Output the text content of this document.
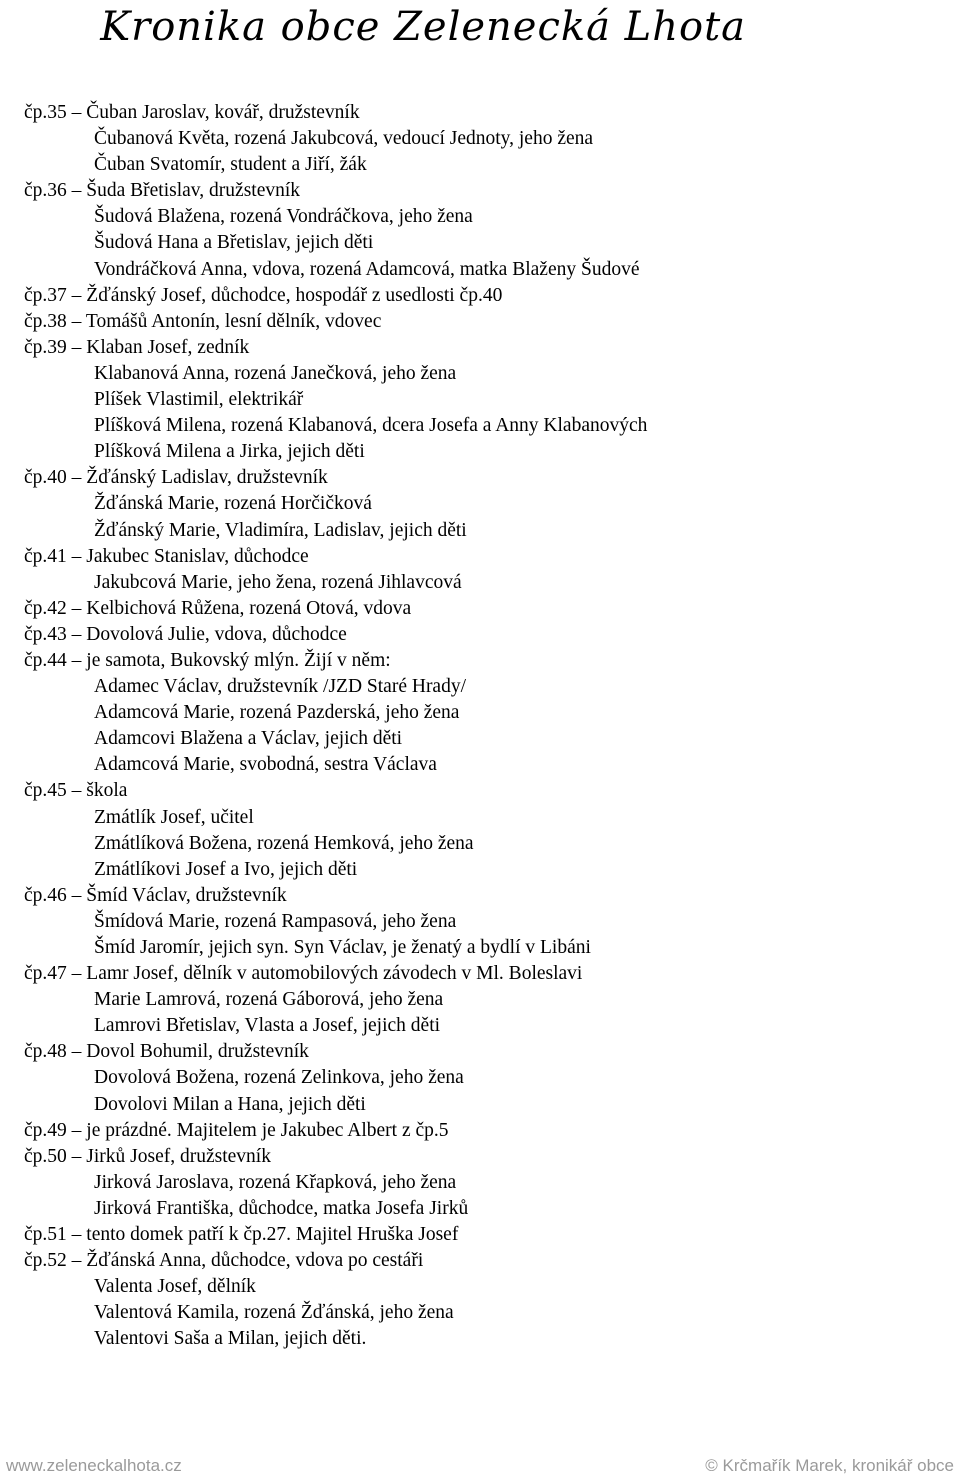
Kronika obce Zelenecká Lhota
čp.35 – Čuban Jaroslav, kovář, družstevník
Čubanová Květa, rozená Jakubcová, vedoucí Jednoty, jeho žena
Čuban Svatomír, student a Jiří, žák
čp.36 – Šuda Břetislav, družstevník
Šudová Blažena, rozená Vondráčkova, jeho žena
Šudová Hana a Břetislav, jejich děti
Vondráčková Anna, vdova, rozená Adamcová, matka Blaženy Šudové
čp.37 – Žďánský Josef, důchodce, hospodář z usedlosti čp.40
čp.38 – Tomášů Antonín, lesní dělník, vdovec
čp.39 – Klaban Josef, zedník
Klabanová Anna, rozená Janečková, jeho žena
Plíšek Vlastimil, elektrikář
Plíšková Milena, rozená Klabanová, dcera Josefa a Anny Klabanových
Plíšková Milena a Jirka, jejich děti
čp.40 – Žďánský Ladislav, družstevník
Žďánská Marie, rozená Horčičková
Žďánský Marie, Vladimíra, Ladislav, jejich děti
čp.41 – Jakubec Stanislav, důchodce
Jakubcová Marie, jeho žena, rozená Jihlavcová
čp.42 – Kelbichová Růžena, rozená Otová, vdova
čp.43 – Dovolová Julie, vdova, důchodce
čp.44 – je samota, Bukovský mlýn. Žijí v něm:
Adamec Václav, družstevník /JZD Staré Hrady/
Adamcová Marie, rozená Pazderská, jeho žena
Adamcovi Blažena a Václav, jejich děti
Adamcová Marie, svobodná, sestra Václava
čp.45 – škola
Zmátlík Josef, učitel
Zmátlíková Božena, rozená Hemková, jeho žena
Zmátlíkovi Josef a Ivo, jejich děti
čp.46 – Šmíd Václav, družstevník
Šmídová Marie, rozená Rampasová, jeho žena
Šmíd Jaromír, jejich syn. Syn Václav, je ženatý a bydlí v Libáni
čp.47 – Lamr Josef, dělník v automobilových závodech v Ml. Boleslavi
Marie Lamrová, rozená Gáborová, jeho žena
Lamrovi Břetislav, Vlasta a Josef, jejich děti
čp.48 – Dovol Bohumil, družstevník
Dovolová Božena, rozená Zelinkova, jeho žena
Dovolovi Milan a Hana, jejich děti
čp.49 – je prázdné. Majitelem je Jakubec Albert z čp.5
čp.50 – Jirků Josef, družstevník
Jirková Jaroslava, rozená Křapková, jeho žena
Jirková Františka, důchodce, matka Josefa Jirků
čp.51 – tento domek patří k čp.27. Majitel Hruška Josef
čp.52 – Žďánská Anna, důchodce, vdova po cestáři
Valenta Josef, dělník
Valentová Kamila, rozená Žďánská, jeho žena
Valentovi Saša a Milan, jejich děti.
www.zeleneckalhota.cz	© Krčmařík Marek, kronikář obce
